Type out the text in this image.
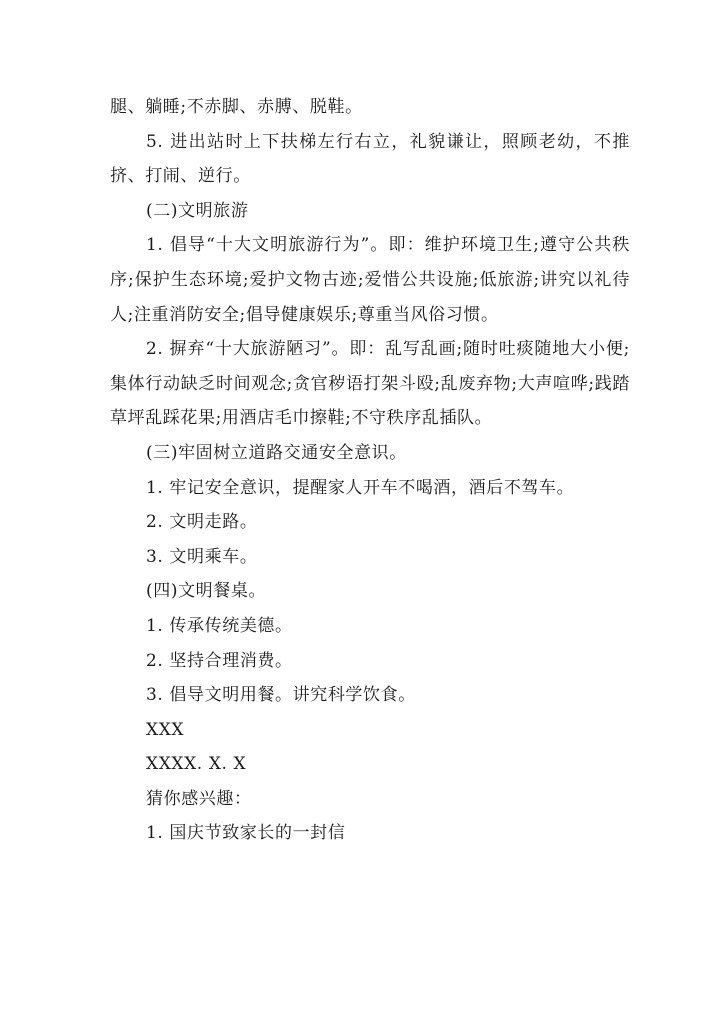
腿、躺睡;不赤脚、赤膊、脱鞋。

5. 进出站时上下扶梯左行右立，礼貌谦让，照顾老幼，不推挤、打闹、逆行。

(二)文明旅游

1. 倡导“十大文明旅游行为”。即：维护环境卫生;遵守公共秩序;保护生态环境;爱护文物古迹;爱惜公共设施;低旅游;讲究以礼待人;注重消防安全;倡导健康娱乐;尊重当风俗习惯。

2. 摒弃“十大旅游陋习”。即：乱写乱画;随时吐痰随地大小便;集体行动缺乏时间观念;贪官秽语打架斗殴;乱废弃物;大声喧哗;践踏草坪乱踩花果;用酒店毛巾擦鞋;不守秩序乱插队。

(三)牢固树立道路交通安全意识。

1. 牢记安全意识，提醒家人开车不喝酒，酒后不驾车。

2. 文明走路。

3. 文明乘车。

(四)文明餐桌。

1. 传承传统美德。

2. 坚持合理消费。

3. 倡导文明用餐。讲究科学饮食。

XXX

XXXX. X. X

猜你感兴趣：

1. 国庆节致家长的一封信
